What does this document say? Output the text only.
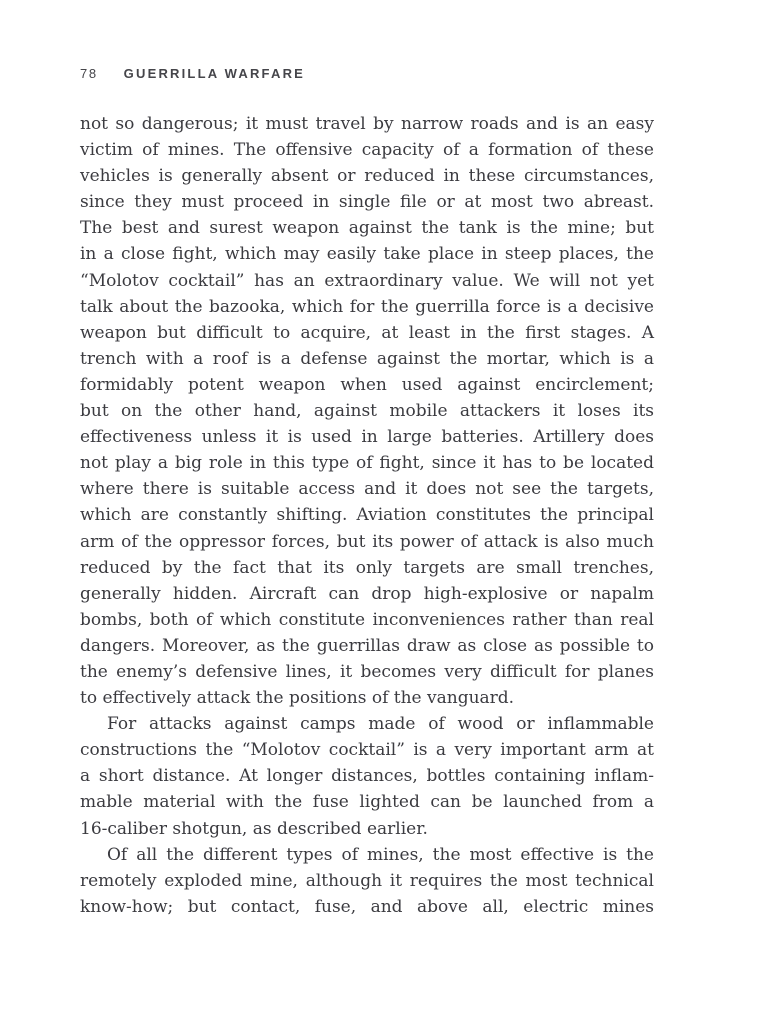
78 GUERRILLA WARFARE
not so dangerous; it must travel by narrow roads and is an easy
victim of mines. The offensive capacity of a formation of these
vehicles is generally absent or reduced in these circumstances,
since they must proceed in single file or at most two abreast.
The best and surest weapon against the tank is the mine; but
in a close fight, which may easily take place in steep places, the
“Molotov cocktail” has an extraordinary value. We will not yet
talk about the bazooka, which for the guerrilla force is a decisive
weapon but difficult to acquire, at least in the first stages. A
trench with a roof is a defense against the mortar, which is a
formidably potent weapon when used against encirclement;
but on the other hand, against mobile attackers it loses its
effectiveness unless it is used in large batteries. Artillery does
not play a big role in this type of fight, since it has to be located
where there is suitable access and it does not see the targets,
which are constantly shifting. Aviation constitutes the principal
arm of the oppressor forces, but its power of attack is also much
reduced by the fact that its only targets are small trenches,
generally hidden. Aircraft can drop high-explosive or napalm
bombs, both of which constitute inconveniences rather than real
dangers. Moreover, as the guerrillas draw as close as possible to
the enemy’s defensive lines, it becomes very difficult for planes
to effectively attack the positions of the vanguard.
For attacks against camps made of wood or inflammable
constructions the “Molotov cocktail” is a very important arm at
a short distance. At longer distances, bottles containing inflam-
mable material with the fuse lighted can be launched from a
16-caliber shotgun, as described earlier.
Of all the different types of mines, the most effective is the
remotely exploded mine, although it requires the most technical
know-how; but contact, fuse, and above all, electric mines
